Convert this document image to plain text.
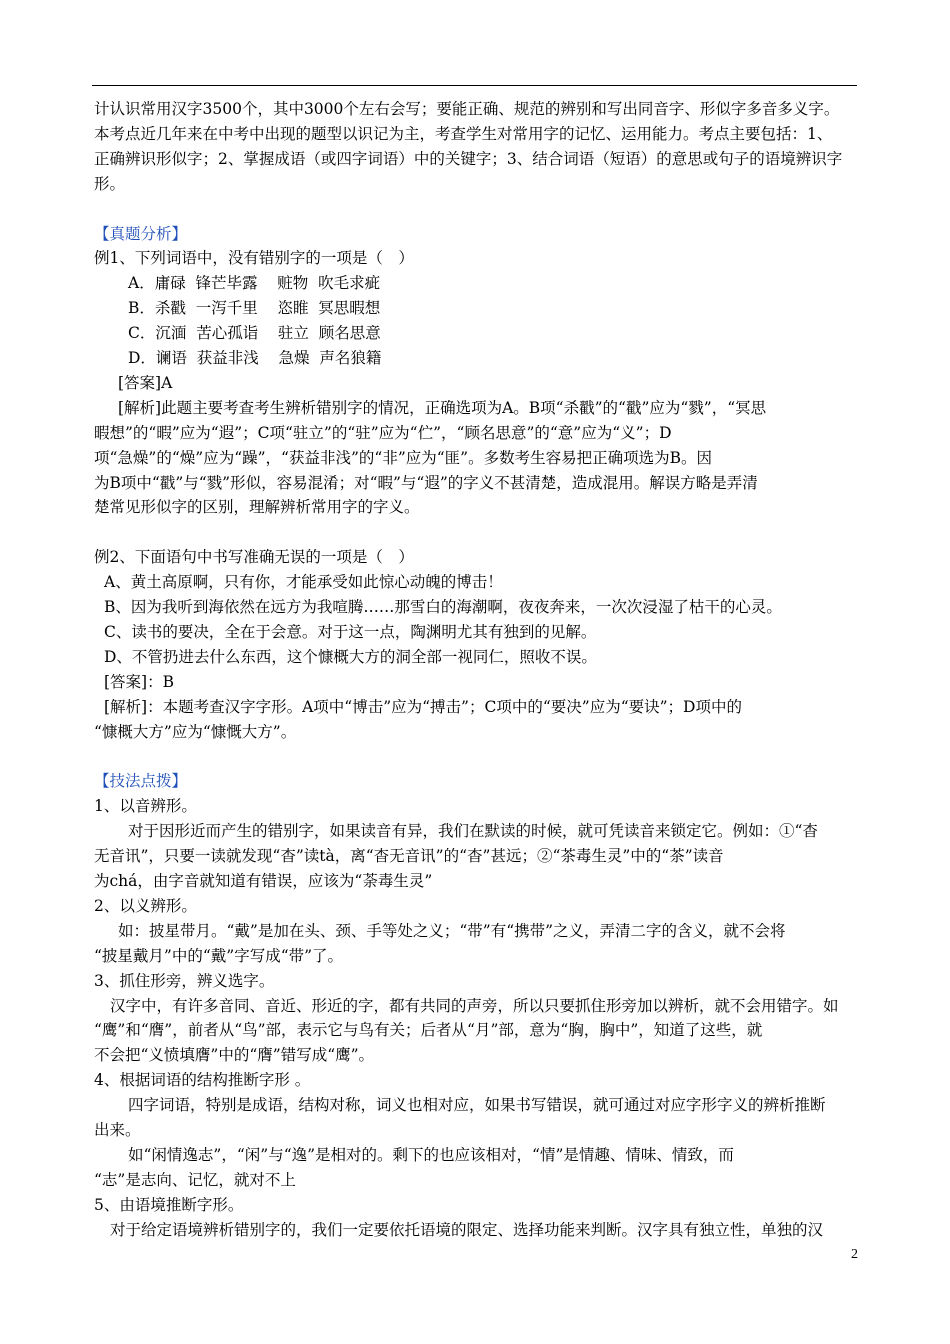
计认识常用汉字3500个，其中3000个左右会写；要能正确、规范的辨别和写出同音字、形似字多音多义字。

本考点近几年来在中考中出现的题型以识记为主，考查学生对常用字的记忆、运用能力。考点主要包括：1、

正确辨识形似字；2、掌握成语（或四字词语）中的关键字；3、结合词语（短语）的意思或句子的语境辨识字

形。

【真题分析】

例1、下列词语中，没有错别字的一项是（　）

A．庸碌  锋芒毕露    赃物  吹毛求疵

B．杀戳  一泻千里    恣睢  冥思暇想

C．沉湎  苦心孤诣    驻立  顾名思意

D．谰语  获益非浅    急燥  声名狼籍

[答案]A

[解析]此题主要考查考生辨析错别字的情况，正确选项为A。B项“杀戳”的“戳”应为“戮”，“冥思

暇想”的“暇”应为“遐”；C项“驻立”的“驻”应为“伫”，“顾名思意”的“意”应为“义”；D

项“急燥”的“燥”应为“躁”，“获益非浅”的“非”应为“匪”。多数考生容易把正确项选为B。因

为B项中“戳”与“戮”形似，容易混淆；对“暇”与“遐”的字义不甚清楚，造成混用。解误方略是弄清

楚常见形似字的区别，理解辨析常用字的字义。

例2、下面语句中书写准确无误的一项是（　）

A、黄土高原啊，只有你，才能承受如此惊心动魄的博击！

B、因为我听到海依然在远方为我喧腾……那雪白的海潮啊，夜夜奔来，一次次浸湿了枯干的心灵。

C、读书的要决，全在于会意。对于这一点，陶渊明尤其有独到的见解。

D、不管扔进去什么东西，这个慷概大方的洞全部一视同仁，照收不误。

[答案]：B

[解析]：本题考查汉字字形。A项中“博击”应为“搏击”；C项中的“要决”应为“要诀”；D项中的

“慷概大方”应为“慷慨大方”。

【技法点拨】

1、以音辨形。

对于因形近而产生的错别字，如果读音有异，我们在默读的时候，就可凭读音来锁定它。例如：①“杳

无音讯”，只要一读就发现“杳”读tà，离“杳无音讯”的“杳”甚远；②“茶毒生灵”中的“茶”读音

为chá，由字音就知道有错误，应该为“荼毒生灵”

2、以义辨形。

如：披星带月。“戴”是加在头、颈、手等处之义；“带”有“携带”之义，弄清二字的含义，就不会将

“披星戴月”中的“戴”字写成“带”了。

3、抓住形旁，辨义选字。

汉字中，有许多音同、音近、形近的字，都有共同的声旁，所以只要抓住形旁加以辨析，就不会用错字。如

“鹰”和“膺”，前者从“鸟”部，表示它与鸟有关；后者从“月”部，意为“胸，胸中”，知道了这些，就

不会把“义愤填膺”中的“膺”错写成“鹰”。

4、根据词语的结构推断字形 。

四字词语，特别是成语，结构对称，词义也相对应，如果书写错误，就可通过对应字形字义的辨析推断

出来。

如“闲情逸志”，“闲”与“逸”是相对的。剩下的也应该相对，“情”是情趣、情味、情致，而

“志”是志向、记忆，就对不上

5、由语境推断字形。

对于给定语境辨析错别字的，我们一定要依托语境的限定、选择功能来判断。汉字具有独立性，单独的汉

2
